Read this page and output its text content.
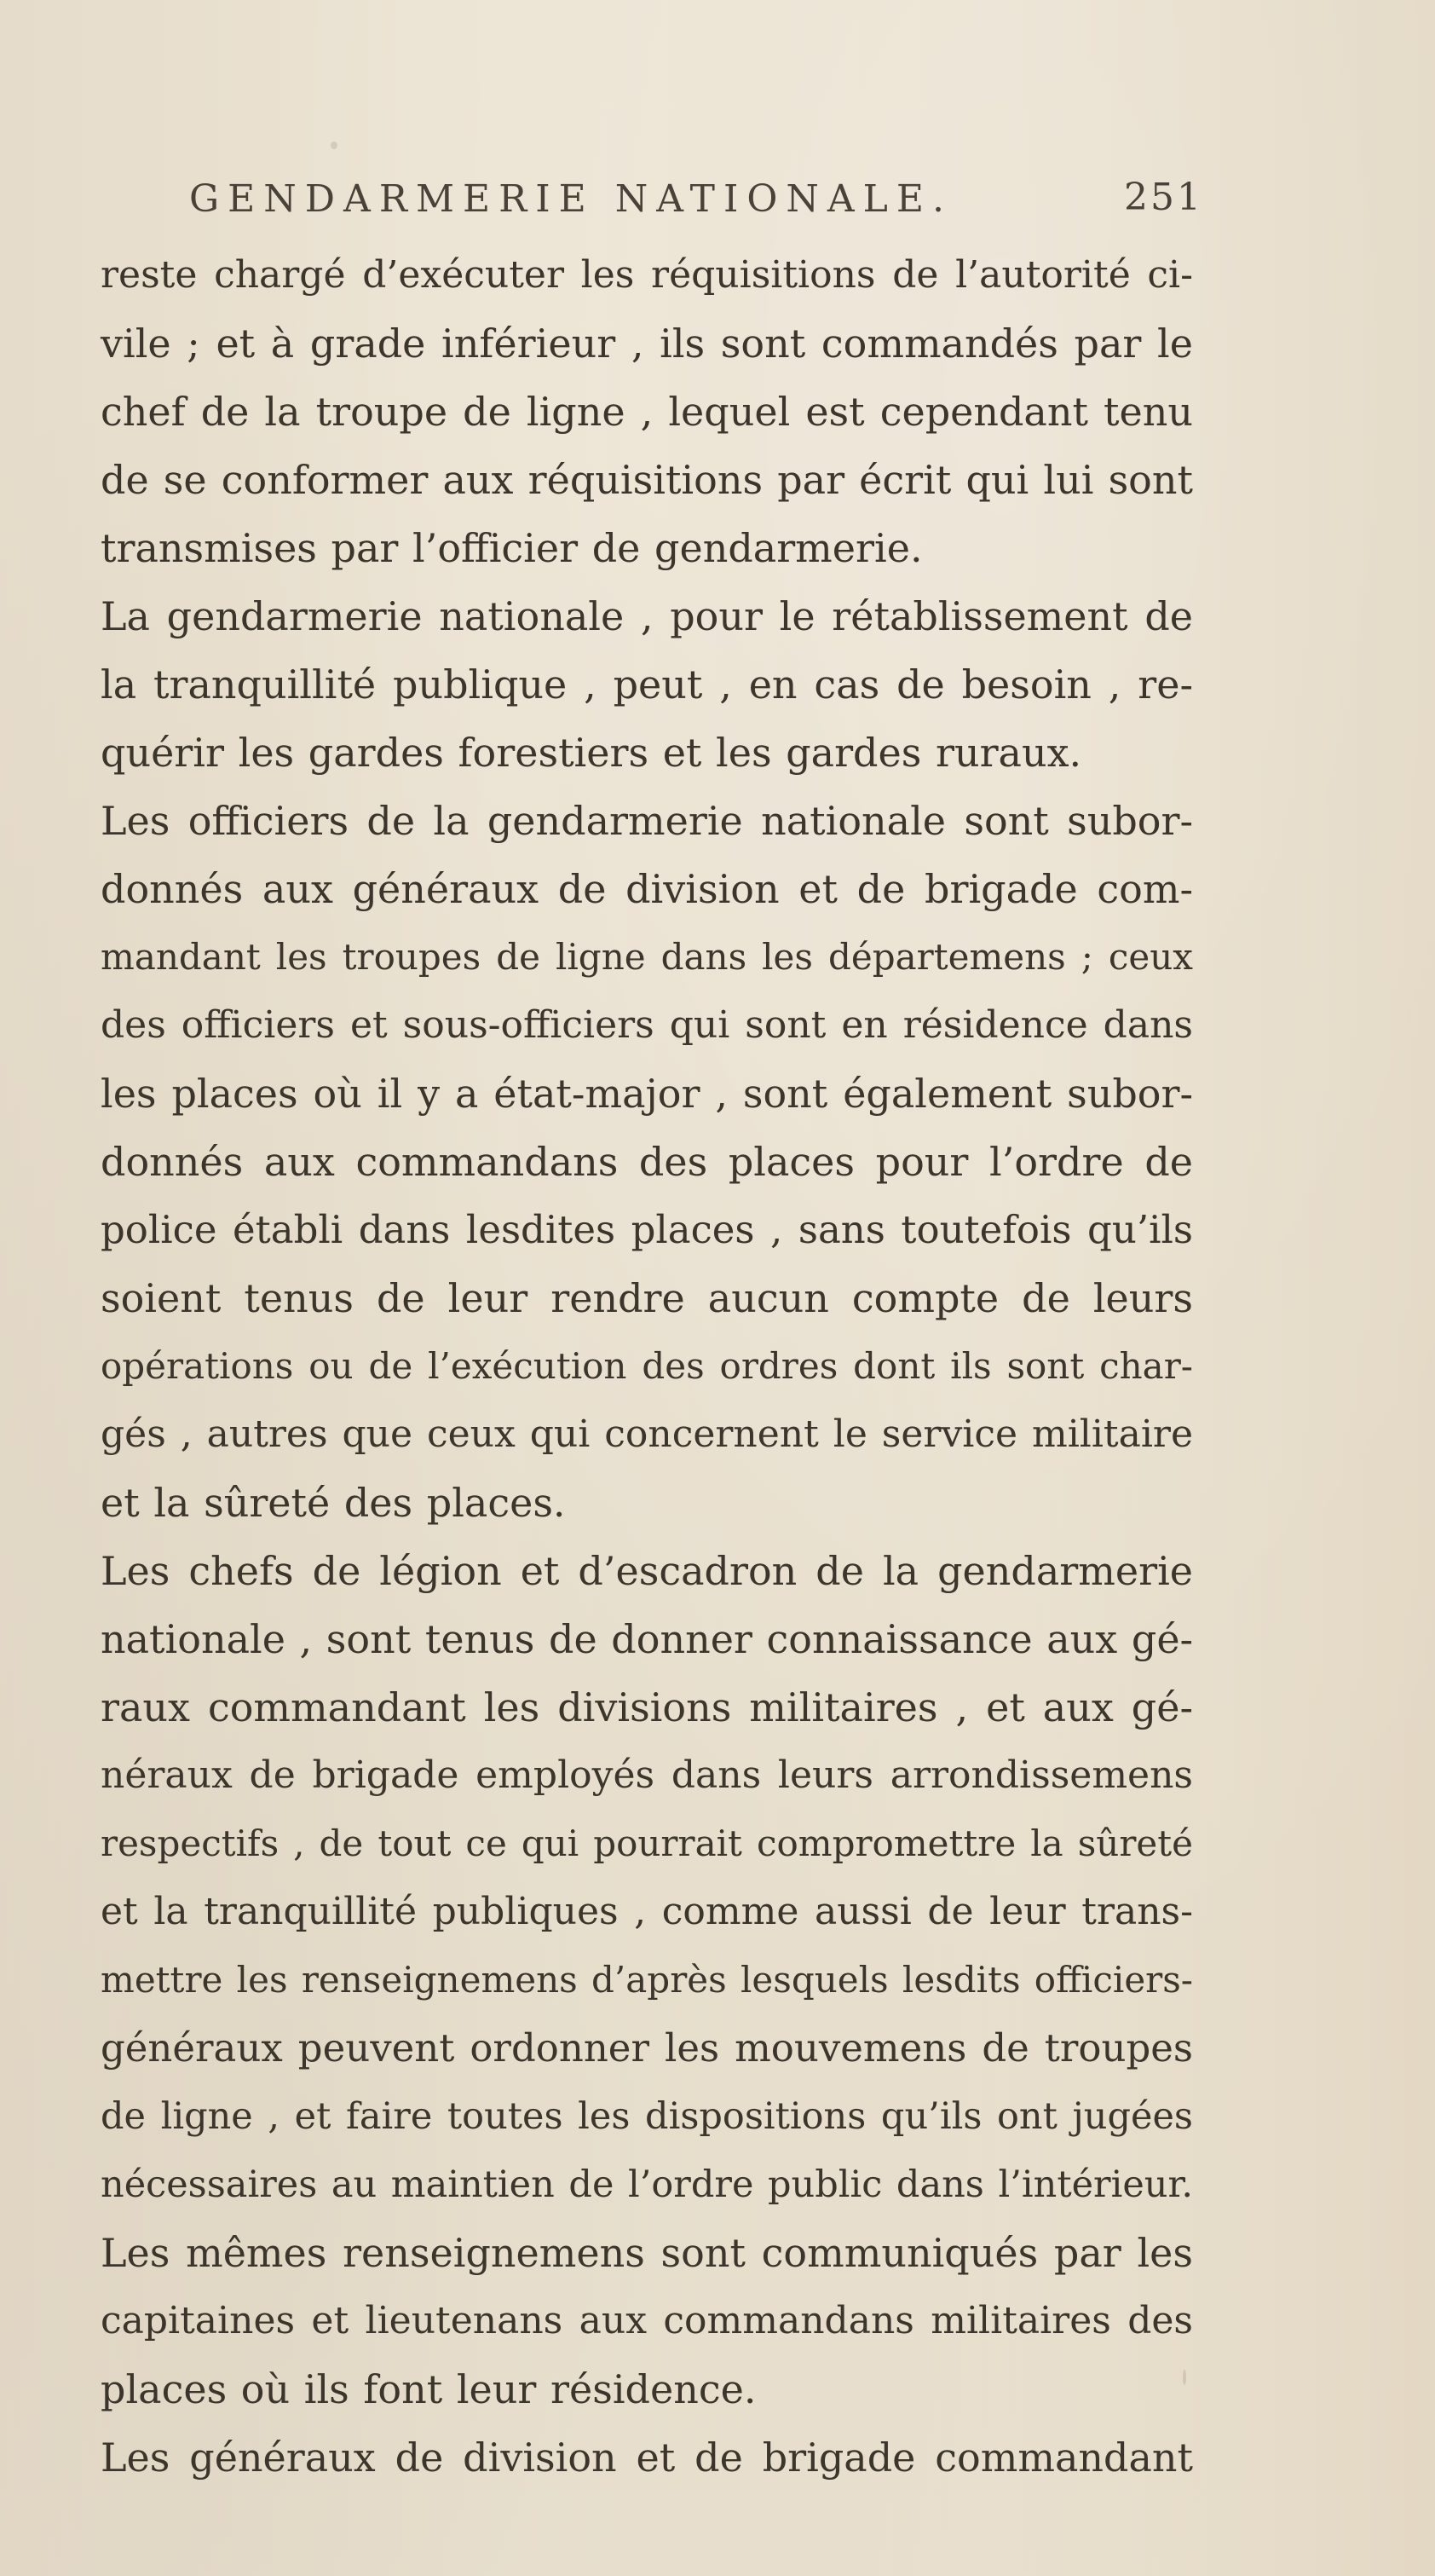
GENDARMERIE NATIONALE.	251
reste chargé d’exécuter les réquisitions de l’autorité ci-
vile ; et à grade inférieur , ils sont commandés par le
chef de la troupe de ligne , lequel est cependant tenu
de se conformer aux réquisitions par écrit qui lui sont
transmises par l’officier de gendarmerie.
La gendarmerie nationale , pour le rétablissement de
la tranquillité publique , peut , en cas de besoin , re-
quérir les gardes forestiers et les gardes ruraux.
Les officiers de la gendarmerie nationale sont subor-
donnés aux généraux de division et de brigade com-
mandant les troupes de ligne dans les départemens ; ceux
des officiers et sous-officiers qui sont en résidence dans
les places où il y a état-major , sont également subor-
donnés aux commandans des places pour l’ordre de
police établi dans lesdites places , sans toutefois qu’ils
soient tenus de leur rendre aucun compte de leurs
opérations ou de l’exécution des ordres dont ils sont char-
gés , autres que ceux qui concernent le service militaire
et la sûreté des places.
Les chefs de légion et d’escadron de la gendarmerie
nationale , sont tenus de donner connaissance aux gé-
raux commandant les divisions militaires , et aux gé-
néraux de brigade employés dans leurs arrondissemens
respectifs , de tout ce qui pourrait compromettre la sûreté
et la tranquillité publiques , comme aussi de leur trans-
mettre les renseignemens d’après lesquels lesdits officiers-
généraux peuvent ordonner les mouvemens de troupes
de ligne , et faire toutes les dispositions qu’ils ont jugées
nécessaires au maintien de l’ordre public dans l’intérieur.
Les mêmes renseignemens sont communiqués par les
capitaines et lieutenans aux commandans militaires des
places où ils font leur résidence.
Les généraux de division et de brigade commandant
